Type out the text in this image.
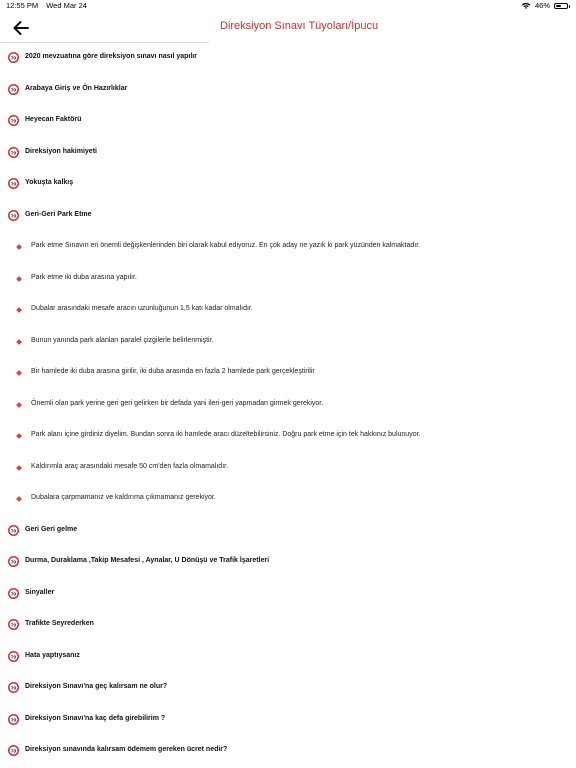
12:55 PM Wed Mar 24	46%
Direksiyon Sınavı Tüyoları/İpucu
70 2020 mevzuatına göre direksiyon sınavı nasıl yapılır
70 Arabaya Giriş ve Ön Hazırlıklar
70 Heyecan Faktörü
70 Direksiyon hakimiyeti
70 Yokuşta kalkış
70 Geri-Geri Park Etme
Park etme Sınavın en önemli değişkenlerinden biri olarak kabul ediyoruz. En çok aday ne yazık ki park yüzünden kalmaktadır.
Park etme iki duba arasına yapılır.
Dubalar arasındaki mesafe aracın uzunluğunun 1,5 katı kadar olmalıdır.
Bunun yanında park alanları paralel çizgilerle belirlenmiştir.
Bir hamlede iki duba arasına girilir, iki duba arasında en fazla 2 hamlede park gerçekleştirilir
Önemli olan park yerine geri geri gelirken bir defada yani ileri-geri yapmadan girmek gerekiyor.
Park alanı içine girdiniz diyelim. Bundan sonra iki hamlede aracı düzeltebilirsiniz. Doğru park etme için tek hakkınız bulunuyor.
Kaldırımla araç arasındaki mesafe 50 cm'den fazla olmamalıdır.
Dubalara çarpmamanız ve kaldırıma çıkmamanız gerekiyor.
70 Geri Geri gelme
70 Durma, Duraklama ,Takip Mesafesi , Aynalar, U Dönüşü ve Trafik İşaretleri
70 Sinyaller
70 Trafikte Seyrederken
70 Hata yaptıysanız
70 Direksiyon Sınavı'na geç kalırsam ne olur?
70 Direksiyon Sınavı'na kaç defa girebilirim ?
70 Direksiyon sınavında kalırsam ödemem gereken ücret nedir?
